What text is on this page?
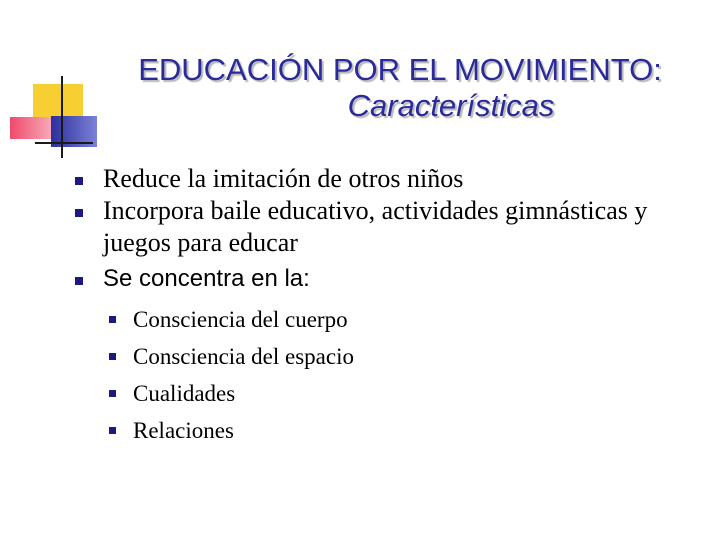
EDUCACIÓN POR EL MOVIMIENTO:
Características
Reduce la imitación de otros niños
Incorpora baile educativo, actividades gimnásticas y juegos para educar
Se concentra en la:
Consciencia del cuerpo
Consciencia del espacio
Cualidades
Relaciones
